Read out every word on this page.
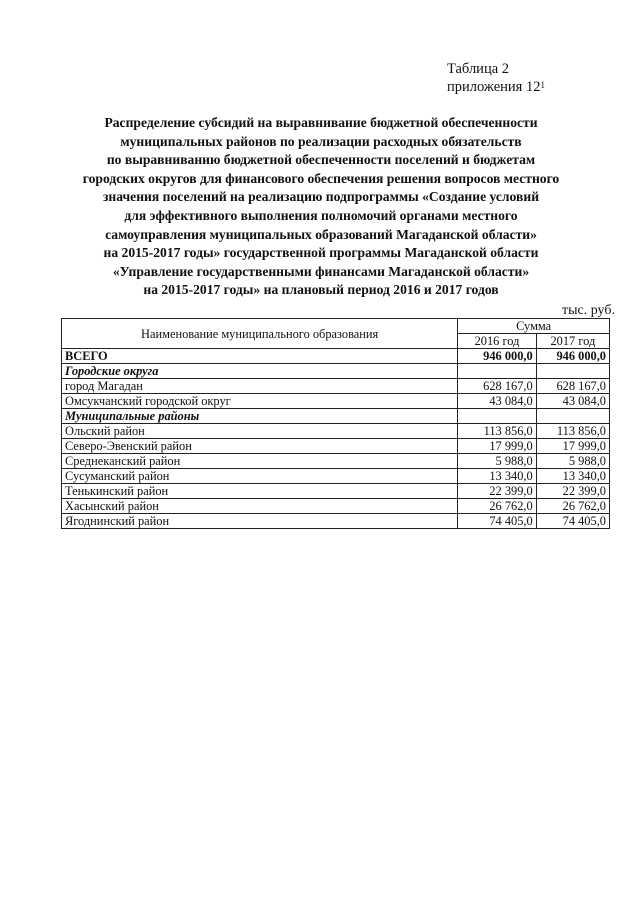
Таблица 2
приложения $12^1$
Распределение субсидий на выравнивание бюджетной обеспеченности
муниципальных районов по реализации расходных обязательств
по выравниванию бюджетной обеспеченности поселений и бюджетам
городских округов для финансового обеспечения решения вопросов местного
значения поселений на реализацию подпрограммы «Создание условий
для эффективного выполнения полномочий органами местного
самоуправления муниципальных образований Магаданской области»
на 2015-2017 годы» государственной программы Магаданской области
«Управление государственными финансами Магаданской области»
на 2015-2017 годы» на плановый период 2016 и 2017 годов
тыс. руб.
Наименование муниципального образования	Сумма	
	2016 год	2017 год
ВСЕГО	946 000,0	946 000,0
Городские округа		
город Магадан	628 167,0	628 167,0
Омсукчанский городской округ	43 084,0	43 084,0
Муниципальные районы		
Ольский район	113 856,0	113 856,0
Северо-Эвенский район	17 999,0	17 999,0
Среднеканский район	5 988,0	5 988,0
Сусуманский район	13 340,0	13 340,0
Тенькинский район	22 399,0	22 399,0
Хасынский район	26 762,0	26 762,0
Ягоднинский район	74 405,0	74 405,0
